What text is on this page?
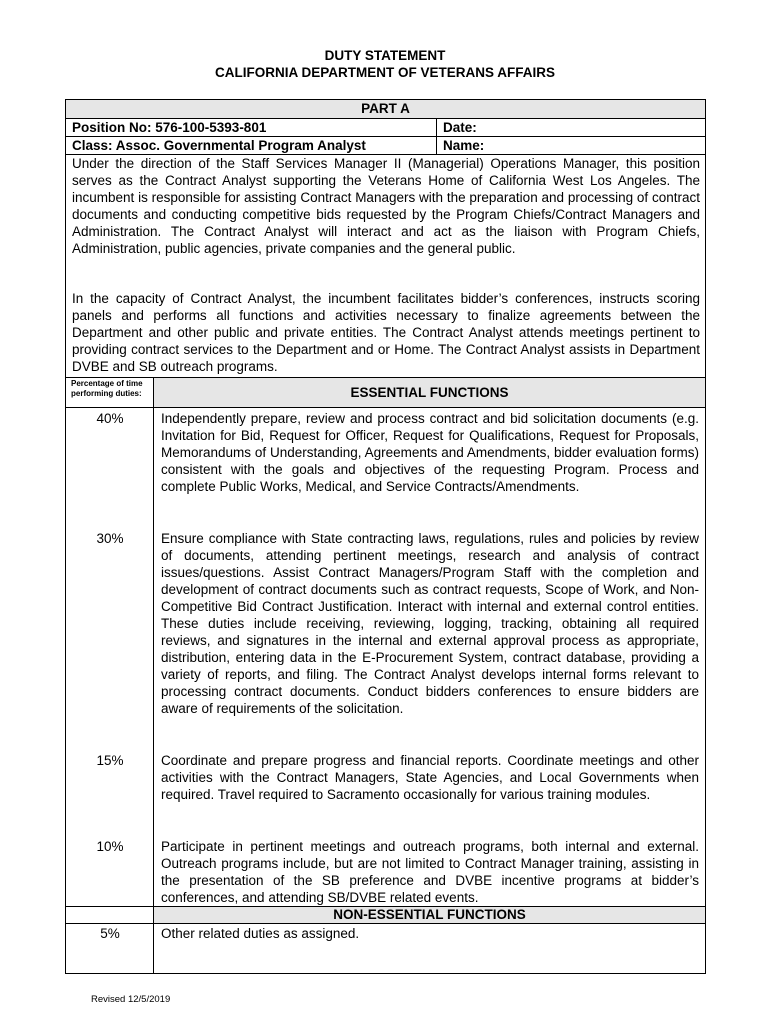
DUTY STATEMENT
CALIFORNIA DEPARTMENT OF VETERANS AFFAIRS
PART A
Position No: 576-100-5393-801	Date:
Class: Assoc. Governmental Program Analyst	Name:
Under the direction of the Staff Services Manager II (Managerial) Operations Manager, this position serves as the Contract Analyst supporting the Veterans Home of California West Los Angeles. The incumbent is responsible for assisting Contract Managers with the preparation and processing of contract documents and conducting competitive bids requested by the Program Chiefs/Contract Managers and Administration. The Contract Analyst will interact and act as the liaison with Program Chiefs, Administration, public agencies, private companies and the general public.
In the capacity of Contract Analyst, the incumbent facilitates bidder’s conferences, instructs scoring panels and performs all functions and activities necessary to finalize agreements between the Department and other public and private entities. The Contract Analyst attends meetings pertinent to providing contract services to the Department and or Home. The Contract Analyst assists in Department DVBE and SB outreach programs.
Percentage of time performing duties:	ESSENTIAL FUNCTIONS
40%	Independently prepare, review and process contract and bid solicitation documents (e.g. Invitation for Bid, Request for Officer, Request for Qualifications, Request for Proposals, Memorandums of Understanding, Agreements and Amendments, bidder evaluation forms) consistent with the goals and objectives of the requesting Program. Process and complete Public Works, Medical, and Service Contracts/Amendments.
30%	Ensure compliance with State contracting laws, regulations, rules and policies by review of documents, attending pertinent meetings, research and analysis of contract issues/questions. Assist Contract Managers/Program Staff with the completion and development of contract documents such as contract requests, Scope of Work, and Non-Competitive Bid Contract Justification. Interact with internal and external control entities. These duties include receiving, reviewing, logging, tracking, obtaining all required reviews, and signatures in the internal and external approval process as appropriate, distribution, entering data in the E-Procurement System, contract database, providing a variety of reports, and filing. The Contract Analyst develops internal forms relevant to processing contract documents. Conduct bidders conferences to ensure bidders are aware of requirements of the solicitation.
15%	Coordinate and prepare progress and financial reports. Coordinate meetings and other activities with the Contract Managers, State Agencies, and Local Governments when required. Travel required to Sacramento occasionally for various training modules.
10%	Participate in pertinent meetings and outreach programs, both internal and external. Outreach programs include, but are not limited to Contract Manager training, assisting in the presentation of the SB preference and DVBE incentive programs at bidder’s conferences, and attending SB/DVBE related events.
NON-ESSENTIAL FUNCTIONS
5%	Other related duties as assigned.
Revised 12/5/2019
